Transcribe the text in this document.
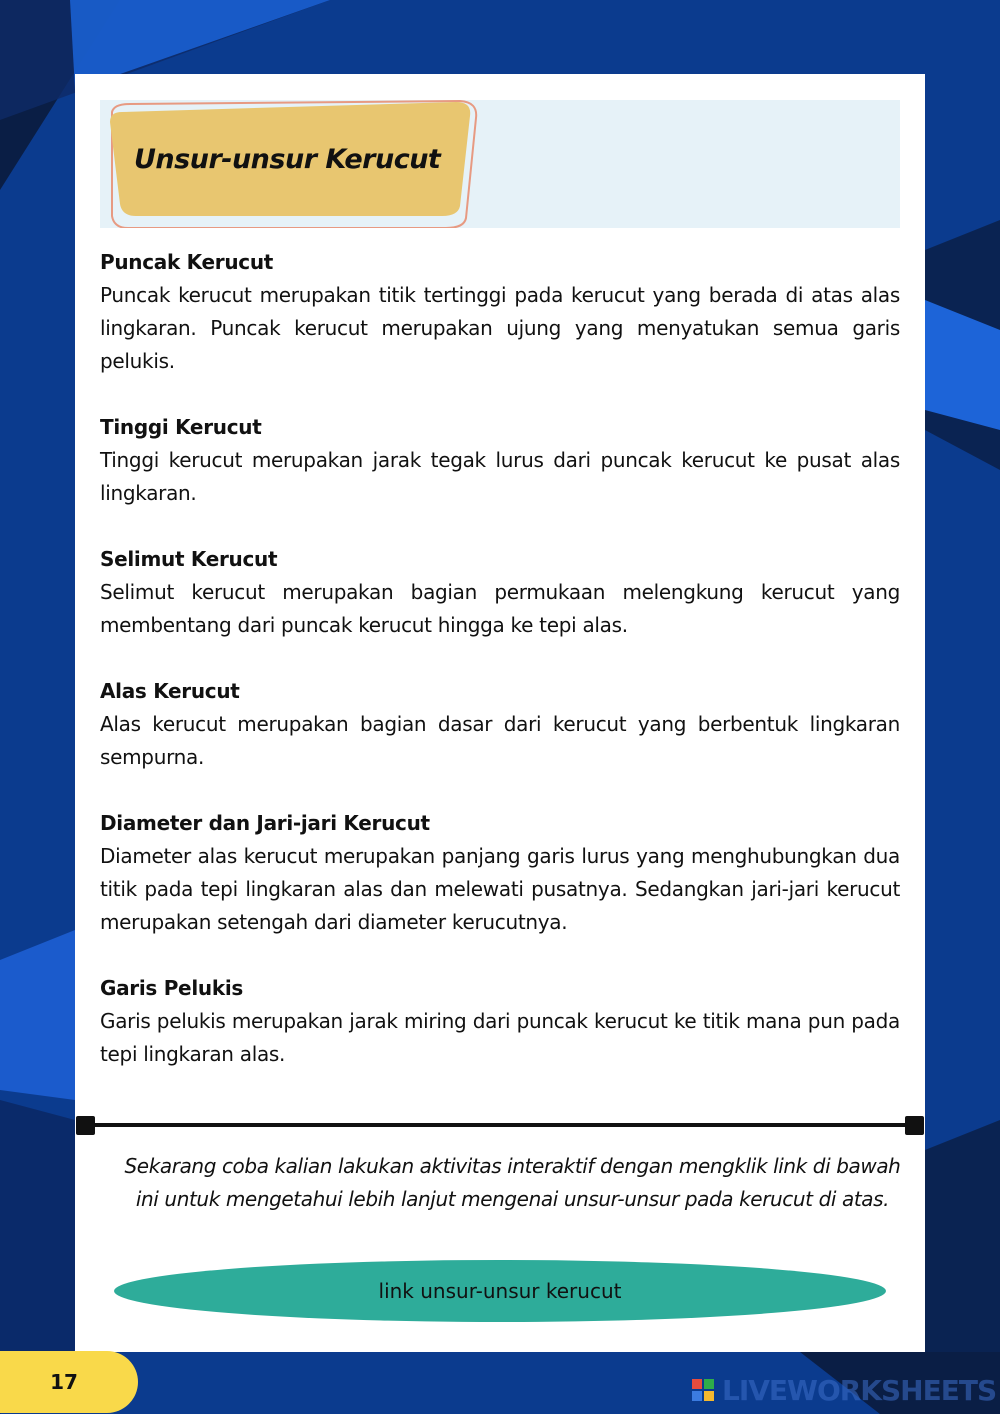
Unsur-unsur Kerucut
Puncak Kerucut
Puncak kerucut merupakan titik tertinggi pada kerucut yang berada di atas alas lingkaran. Puncak kerucut merupakan ujung yang menyatukan semua garis pelukis.
Tinggi Kerucut
Tinggi kerucut merupakan jarak tegak lurus dari puncak kerucut ke pusat alas lingkaran.
Selimut Kerucut
Selimut kerucut merupakan bagian permukaan melengkung kerucut yang membentang dari puncak kerucut hingga ke tepi alas.
Alas Kerucut
Alas kerucut merupakan bagian dasar dari kerucut yang berbentuk lingkaran sempurna.
Diameter dan Jari-jari Kerucut
Diameter alas kerucut merupakan panjang garis lurus yang menghubungkan dua titik pada tepi lingkaran alas dan melewati pusatnya. Sedangkan jari-jari kerucut merupakan setengah dari diameter kerucutnya.
Garis Pelukis
Garis pelukis merupakan jarak miring dari puncak kerucut ke titik mana pun pada tepi lingkaran alas.
Sekarang coba kalian lakukan aktivitas interaktif dengan mengklik link di bawah ini untuk mengetahui lebih lanjut mengenai unsur-unsur pada kerucut di atas.
link unsur-unsur kerucut
17	LIVEWORKSHEETS
